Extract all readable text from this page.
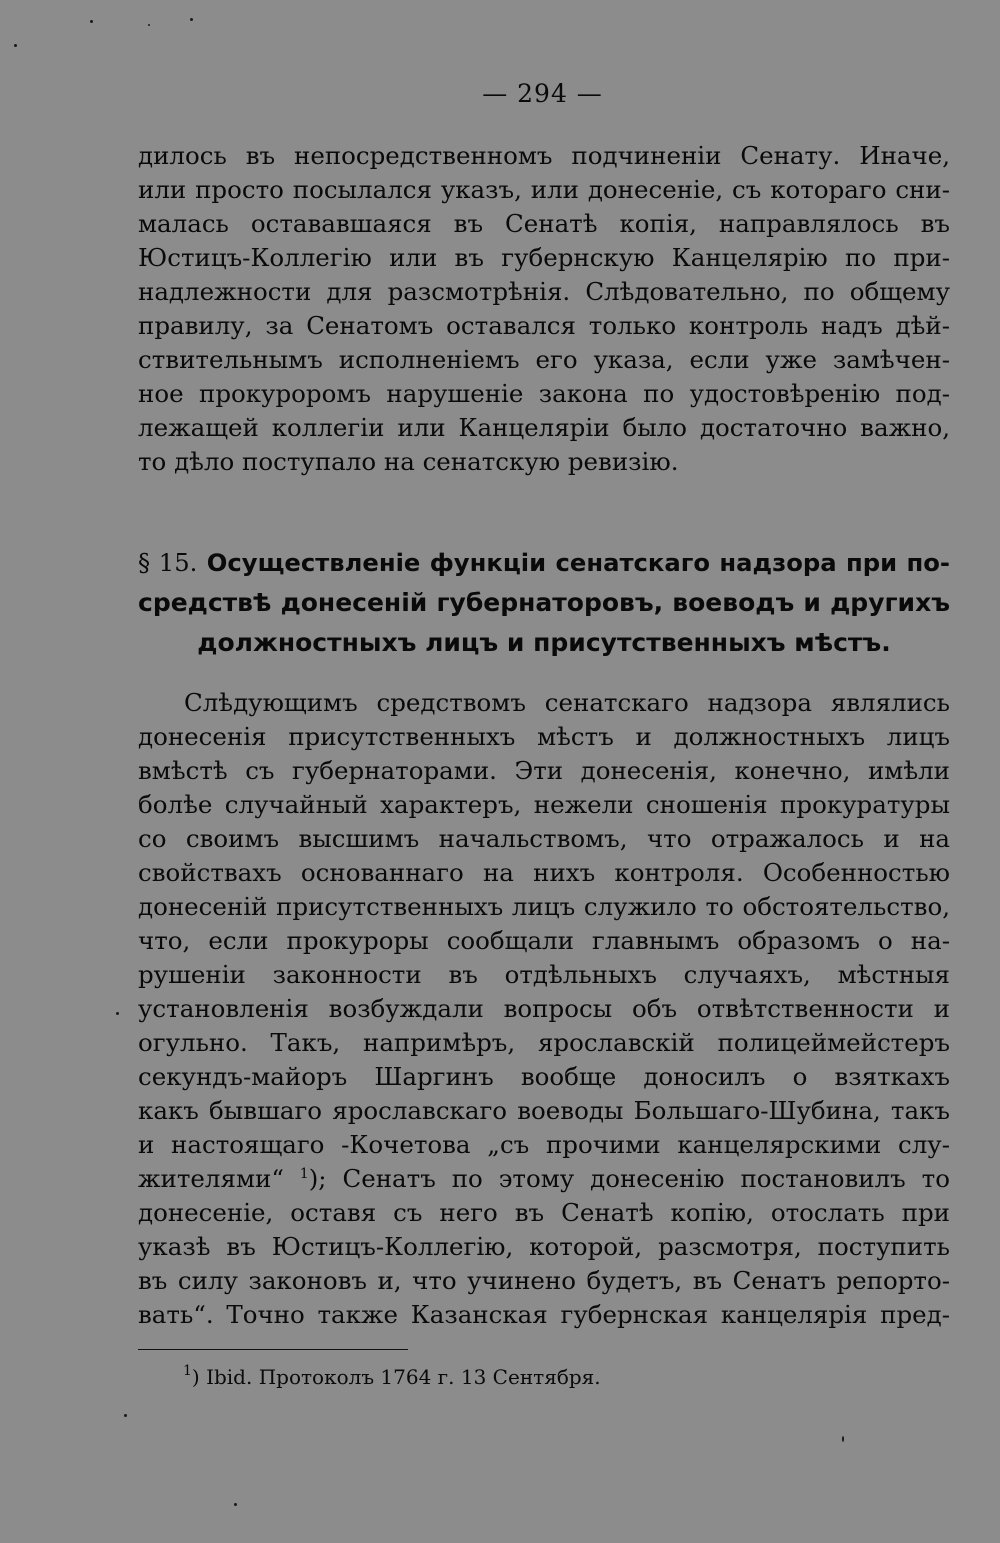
— 294 —
дилось въ непосредственномъ подчиненіи Сенату. Иначе,
или просто посылался указъ, или донесеніе, съ котораго сни-
малась остававшаяся въ Сенатѣ копія, направлялось въ
Юстицъ-Коллегію или въ губернскую Канцелярію по при-
надлежности для разсмотрѣнія. Слѣдовательно, по общему
правилу, за Сенатомъ оставался только контроль надъ дѣй-
ствительнымъ исполненіемъ его указа, если уже замѣчен-
ное прокуроромъ нарушеніе закона по удостовѣренію под-
лежащей коллегіи или Канцеляріи было достаточно важно,
то дѣло поступало на сенатскую ревизію.
§ 15. Осуществленіе функціи сенатскаго надзора при по-
средствѣ донесеній губернаторовъ, воеводъ и другихъ
должностныхъ лицъ и присутственныхъ мѣстъ.
Слѣдующимъ средствомъ сенатскаго надзора являлись
донесенія присутственныхъ мѣстъ и должностныхъ лицъ
вмѣстѣ съ губернаторами. Эти донесенія, конечно, имѣли
болѣе случайный характеръ, нежели сношенія прокуратуры
со своимъ высшимъ начальствомъ, что отражалось и на
свойствахъ основаннаго на нихъ контроля. Особенностью
донесеній присутственныхъ лицъ служило то обстоятельство,
что, если прокуроры сообщали главнымъ образомъ о на-
рушеніи законности въ отдѣльныхъ случаяхъ, мѣстныя
установленія возбуждали вопросы объ отвѣтственности и
огульно. Такъ, напримѣръ, ярославскій полицеймейстеръ
секундъ-майоръ Шаргинъ вообще доносилъ о взяткахъ
какъ бывшаго ярославскаго воеводы Большаго-Шубина, такъ
и настоящаго -Кочетова „съ прочими канцелярскими слу-
жителями“ $^1$); Сенатъ по этому донесенію постановилъ то
донесеніе, оставя съ него въ Сенатѣ копію, отослать при
указѣ въ Юстицъ-Коллегію, которой, разсмотря, поступить
въ силу законовъ и, что учинено будетъ, въ Сенатъ репорто-
вать“. Точно также Казанская губернская канцелярія пред-
$^1$) Ibid. Протоколъ 1764 г. 13 Сентября.
